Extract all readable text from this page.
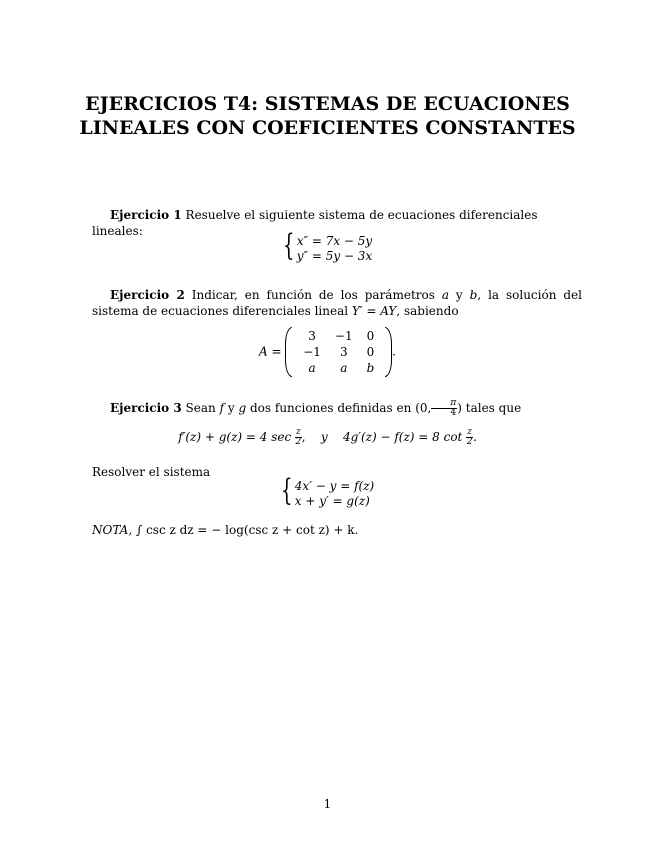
EJERCICIOS T4: SISTEMAS DE ECUACIONES
LINEALES CON COEFICIENTES CONSTANTES
Ejercicio 1 Resuelve el siguiente sistema de ecuaciones diferenciales lineales:	{ x″ = 7x − 5y
y″ = 5y − 3x
Ejercicio 2 Indicar, en función de los parámetros a y b, la solución del sistema de ecuaciones diferenciales lineal Y′ = AY, sabiendo
A =  3	−1	0
−1	3	0
a	a	b .
Ejercicio 3 Sean f y g dos funciones definidas en (0, $\frac{\pi}{4}$ ) tales que
f′(z) + g(z) = 4 $\sec \frac{z}{2}$ , y 4g′(z) − f(z) = 8 $\cot \frac{z}{2}$ .
Resolver el sistema
{ 4x′ − y = f(z)
x + y′ = g(z)
NOTA, ∫ csc z dz = − log(csc z + cot z) + k.
1
